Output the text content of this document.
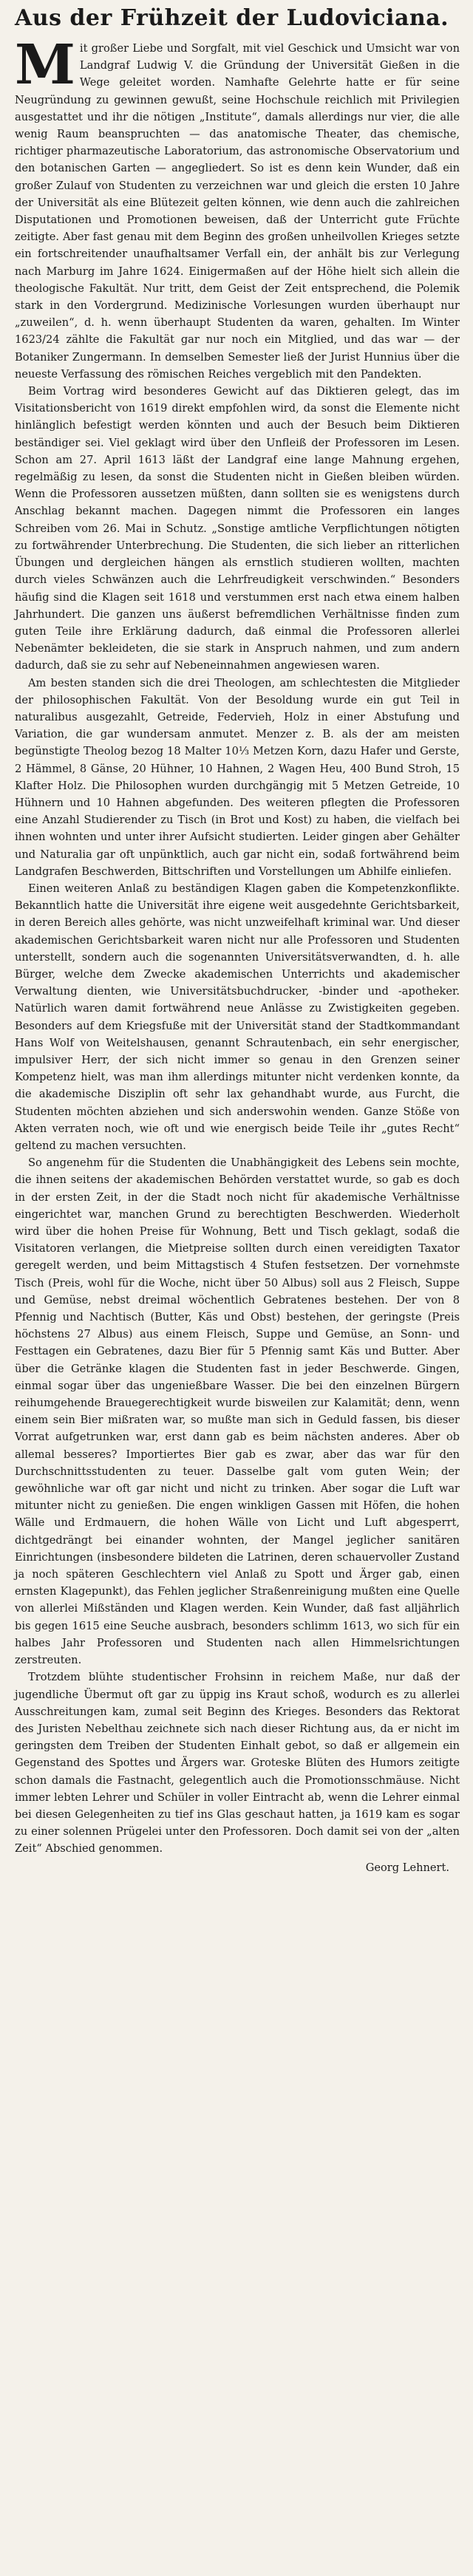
Aus der Frühzeit der Ludoviciana.

Mit großer Liebe und Sorgfalt, mit viel Geschick und Umsicht war von Landgraf Ludwig V. die Gründung der Universität Gießen in die Wege geleitet worden. Namhafte Gelehrte hatte er für seine Neugründung zu gewinnen gewußt, seine Hochschule reichlich mit Privilegien ausgestattet und ihr die nötigen „Institute“, damals allerdings nur vier, die alle wenig Raum beanspruchten — das anatomische Theater, das chemische, richtiger pharmazeutische Laboratorium, das astronomische Observatorium und den botanischen Garten — angegliedert. So ist es denn kein Wunder, daß ein großer Zulauf von Studenten zu verzeichnen war und gleich die ersten 10 Jahre der Universität als eine Blütezeit gelten können, wie denn auch die zahlreichen Disputationen und Promotionen beweisen, daß der Unterricht gute Früchte zeitigte. Aber fast genau mit dem Beginn des großen unheilvollen Krieges setzte ein fortschreitender unaufhaltsamer Verfall ein, der anhält bis zur Verlegung nach Marburg im Jahre 1624. Einigermaßen auf der Höhe hielt sich allein die theologische Fakultät. Nur tritt, dem Geist der Zeit entsprechend, die Polemik stark in den Vordergrund. Medizinische Vorlesungen wurden überhaupt nur „zuweilen“, d. h. wenn überhaupt Studenten da waren, gehalten. Im Winter 1623/24 zählte die Fakultät gar nur noch ein Mitglied, und das war — der Botaniker Zungermann. In demselben Semester ließ der Jurist Hunnius über die neueste Verfassung des römischen Reiches vergeblich mit den Pandekten.

Beim Vortrag wird besonderes Gewicht auf das Diktieren gelegt, das im Visitationsbericht von 1619 direkt empfohlen wird, da sonst die Elemente nicht hinlänglich befestigt werden könnten und auch der Besuch beim Diktieren beständiger sei. Viel geklagt wird über den Unfleiß der Professoren im Lesen. Schon am 27. April 1613 läßt der Landgraf eine lange Mahnung ergehen, regelmäßig zu lesen, da sonst die Studenten nicht in Gießen bleiben würden. Wenn die Professoren aussetzen müßten, dann sollten sie es wenigstens durch Anschlag bekannt machen. Dagegen nimmt die Professoren ein langes Schreiben vom 26. Mai in Schutz. „Sonstige amtliche Verpflichtungen nötigten zu fortwährender Unterbrechung. Die Studenten, die sich lieber an ritterlichen Übungen und dergleichen hängen als ernstlich studieren wollten, machten durch vieles Schwänzen auch die Lehrfreudigkeit verschwinden.“ Besonders häufig sind die Klagen seit 1618 und verstummen erst nach etwa einem halben Jahrhundert. Die ganzen uns äußerst befremdlichen Verhältnisse finden zum guten Teile ihre Erklärung dadurch, daß einmal die Professoren allerlei Nebenämter bekleideten, die sie stark in Anspruch nahmen, und zum andern dadurch, daß sie zu sehr auf Nebeneinnahmen angewiesen waren.

Am besten standen sich die drei Theologen, am schlechtesten die Mitglieder der philosophischen Fakultät. Von der Besoldung wurde ein gut Teil in naturalibus ausgezahlt, Getreide, Federvieh, Holz in einer Abstufung und Variation, die gar wundersam anmutet. Menzer z. B. als der am meisten begünstigte Theolog bezog 18 Malter 10⅓ Metzen Korn, dazu Hafer und Gerste, 2 Hämmel, 8 Gänse, 20 Hühner, 10 Hahnen, 2 Wagen Heu, 400 Bund Stroh, 15 Klafter Holz. Die Philosophen wurden durchgängig mit 5 Metzen Getreide, 10 Hühnern und 10 Hahnen abgefunden. Des weiteren pflegten die Professoren eine Anzahl Studierender zu Tisch (in Brot und Kost) zu haben, die vielfach bei ihnen wohnten und unter ihrer Aufsicht studierten. Leider gingen aber Gehälter und Naturalia gar oft unpünktlich, auch gar nicht ein, sodaß fortwährend beim Landgrafen Beschwerden, Bittschriften und Vorstellungen um Abhilfe einliefen.

Einen weiteren Anlaß zu beständigen Klagen gaben die Kompetenzkonflikte. Bekanntlich hatte die Universität ihre eigene weit ausgedehnte Gerichtsbarkeit, in deren Bereich alles gehörte, was nicht unzweifelhaft kriminal war. Und dieser akademischen Gerichtsbarkeit waren nicht nur alle Professoren und Studenten unterstellt, sondern auch die sogenannten Universitätsverwandten, d. h. alle Bürger, welche dem Zwecke akademischen Unterrichts und akademischer Verwaltung dienten, wie Universitätsbuchdrucker, -binder und -apotheker. Natürlich waren damit fortwährend neue Anlässe zu Zwistigkeiten gegeben. Besonders auf dem Kriegsfuße mit der Universität stand der Stadtkommandant Hans Wolf von Weitelshausen, genannt Schrautenbach, ein sehr energischer, impulsiver Herr, der sich nicht immer so genau in den Grenzen seiner Kompetenz hielt, was man ihm allerdings mitunter nicht verdenken konnte, da die akademische Disziplin oft sehr lax gehandhabt wurde, aus Furcht, die Studenten möchten abziehen und sich anderswohin wenden. Ganze Stöße von Akten verraten noch, wie oft und wie energisch beide Teile ihr „gutes Recht“ geltend zu machen versuchten.

So angenehm für die Studenten die Unabhängigkeit des Lebens sein mochte, die ihnen seitens der akademischen Behörden verstattet wurde, so gab es doch in der ersten Zeit, in der die Stadt noch nicht für akademische Verhältnisse eingerichtet war, manchen Grund zu berechtigten Beschwerden. Wiederholt wird über die hohen Preise für Wohnung, Bett und Tisch geklagt, sodaß die Visitatoren verlangen, die Mietpreise sollten durch einen vereidigten Taxator geregelt werden, und beim Mittagstisch 4 Stufen festsetzen. Der vornehmste Tisch (Preis, wohl für die Woche, nicht über 50 Albus) soll aus 2 Fleisch, Suppe und Gemüse, nebst dreimal wöchentlich Gebratenes bestehen. Der von 8 Pfennig und Nachtisch (Butter, Käs und Obst) bestehen, der geringste (Preis höchstens 27 Albus) aus einem Fleisch, Suppe und Gemüse, an Sonn- und Festtagen ein Gebratenes, dazu Bier für 5 Pfennig samt Käs und Butter. Aber über die Getränke klagen die Studenten fast in jeder Beschwerde. Gingen, einmal sogar über das ungenießbare Wasser. Die bei den einzelnen Bürgern reihumgehende Brauegerechtigkeit wurde bisweilen zur Kalamität; denn, wenn einem sein Bier mißraten war, so mußte man sich in Geduld fassen, bis dieser Vorrat aufgetrunken war, erst dann gab es beim nächsten anderes. Aber ob allemal besseres? Importiertes Bier gab es zwar, aber das war für den Durchschnittsstudenten zu teuer. Dasselbe galt vom guten Wein; der gewöhnliche war oft gar nicht und nicht zu trinken. Aber sogar die Luft war mitunter nicht zu genießen. Die engen winkligen Gassen mit Höfen, die hohen Wälle und Erdmauern, die hohen Wälle von Licht und Luft abgesperrt, dichtgedrängt bei einander wohnten, der Mangel jeglicher sanitären Einrichtungen (insbesondere bildeten die Latrinen, deren schauervoller Zustand ja noch späteren Geschlechtern viel Anlaß zu Spott und Ärger gab, einen ernsten Klagepunkt), das Fehlen jeglicher Straßenreinigung mußten eine Quelle von allerlei Mißständen und Klagen werden. Kein Wunder, daß fast alljährlich bis gegen 1615 eine Seuche ausbrach, besonders schlimm 1613, wo sich für ein halbes Jahr Professoren und Studenten nach allen Himmelsrichtungen zerstreuten.

Trotzdem blühte studentischer Frohsinn in reichem Maße, nur daß der jugendliche Übermut oft gar zu üppig ins Kraut schoß, wodurch es zu allerlei Ausschreitungen kam, zumal seit Beginn des Krieges. Besonders das Rektorat des Juristen Nebelthau zeichnete sich nach dieser Richtung aus, da er nicht im geringsten dem Treiben der Studenten Einhalt gebot, so daß er allgemein ein Gegenstand des Spottes und Ärgers war. Groteske Blüten des Humors zeitigte schon damals die Fastnacht, gelegentlich auch die Promotionsschmäuse. Nicht immer lebten Lehrer und Schüler in voller Eintracht ab, wenn die Lehrer einmal bei diesen Gelegenheiten zu tief ins Glas geschaut hatten, ja 1619 kam es sogar zu einer solennen Prügelei unter den Professoren. Doch damit sei von der „alten Zeit“ Abschied genommen.

Georg Lehnert.
